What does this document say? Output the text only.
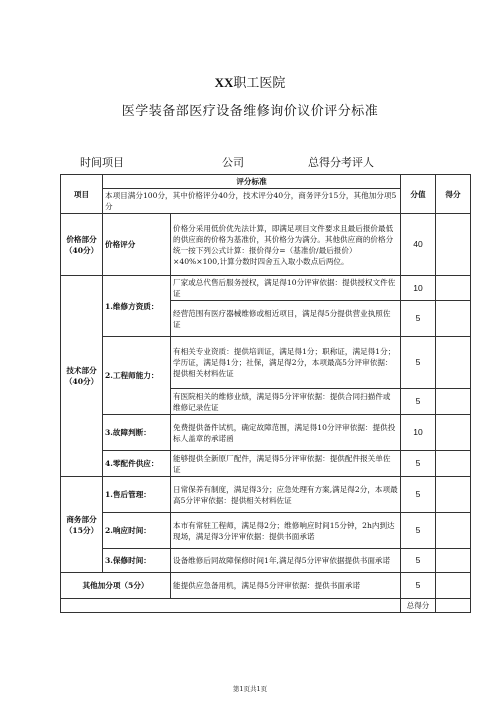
XX职工医院
医学装备部医疗设备维修询价议价评分标准
时间项目	公司	总得分考评人
项目	评分标准		分值	得分
	本项目满分100分，其中价格评分40分，技术评分40分，商务评分15分，其他加分项5分			
价格部分（40分）	价格评分	价格分采用低价优先法计算，即满足项目文件要求且最后报价最低的供应商的价格为基准价，其价格分为满分。其他供应商的价格分统一按下列公式计算：报价得分=（基准价/最后报价）×40%×100,计算分数时四舍五入取小数点后两位。	40	
技术部分（40分）	1.维修方资质：	厂家或总代售后服务授权，满足得10分评审依据：提供授权文件佐证	10	
		经营范围有医疗器械维修或相近项目，满足得5分提供营业执照佐证	5	
	2.工程师能力：	有相关专业资质：提供培训证，满足得1分；职称证，满足得1分；学历证，满足得1分；社保，满足得2分，本项最高5分评审依据：提供相关材料佐证	5	
		有医院相关的维修业绩，满足得5分评审依据：提供合同扫描件或维修记录佐证	5	
	3.故障判断：	免费提供备件试机，确定故障范围，满足得10分评审依据：提供投标人盖章的承诺函	10	
	4.零配件供应：	能够提供全新原厂配件，满足得5分评审依据：提供配件报关单佐证	5	
商务部分（15分）	1.售后管理：	日常保养有制度，满足得3分；应急处理有方案,满足得2分，本项最高5分评审依据：提供相关材料佐证	5	
	2.响应时间：	本市有常驻工程师，满足得2分；维修响应时间15分钟，2h内到达现场，满足得3分评审依据：提供书面承诺	5	
	3.保修时间：	设备维修后同故障保修时间1年,满足得5分评审依据提供书面承诺	5	
其他加分项（5分）		能提供应急备用机，满足得5分评审依据：提供书面承诺	5	
			总得分	
第1页共1页
